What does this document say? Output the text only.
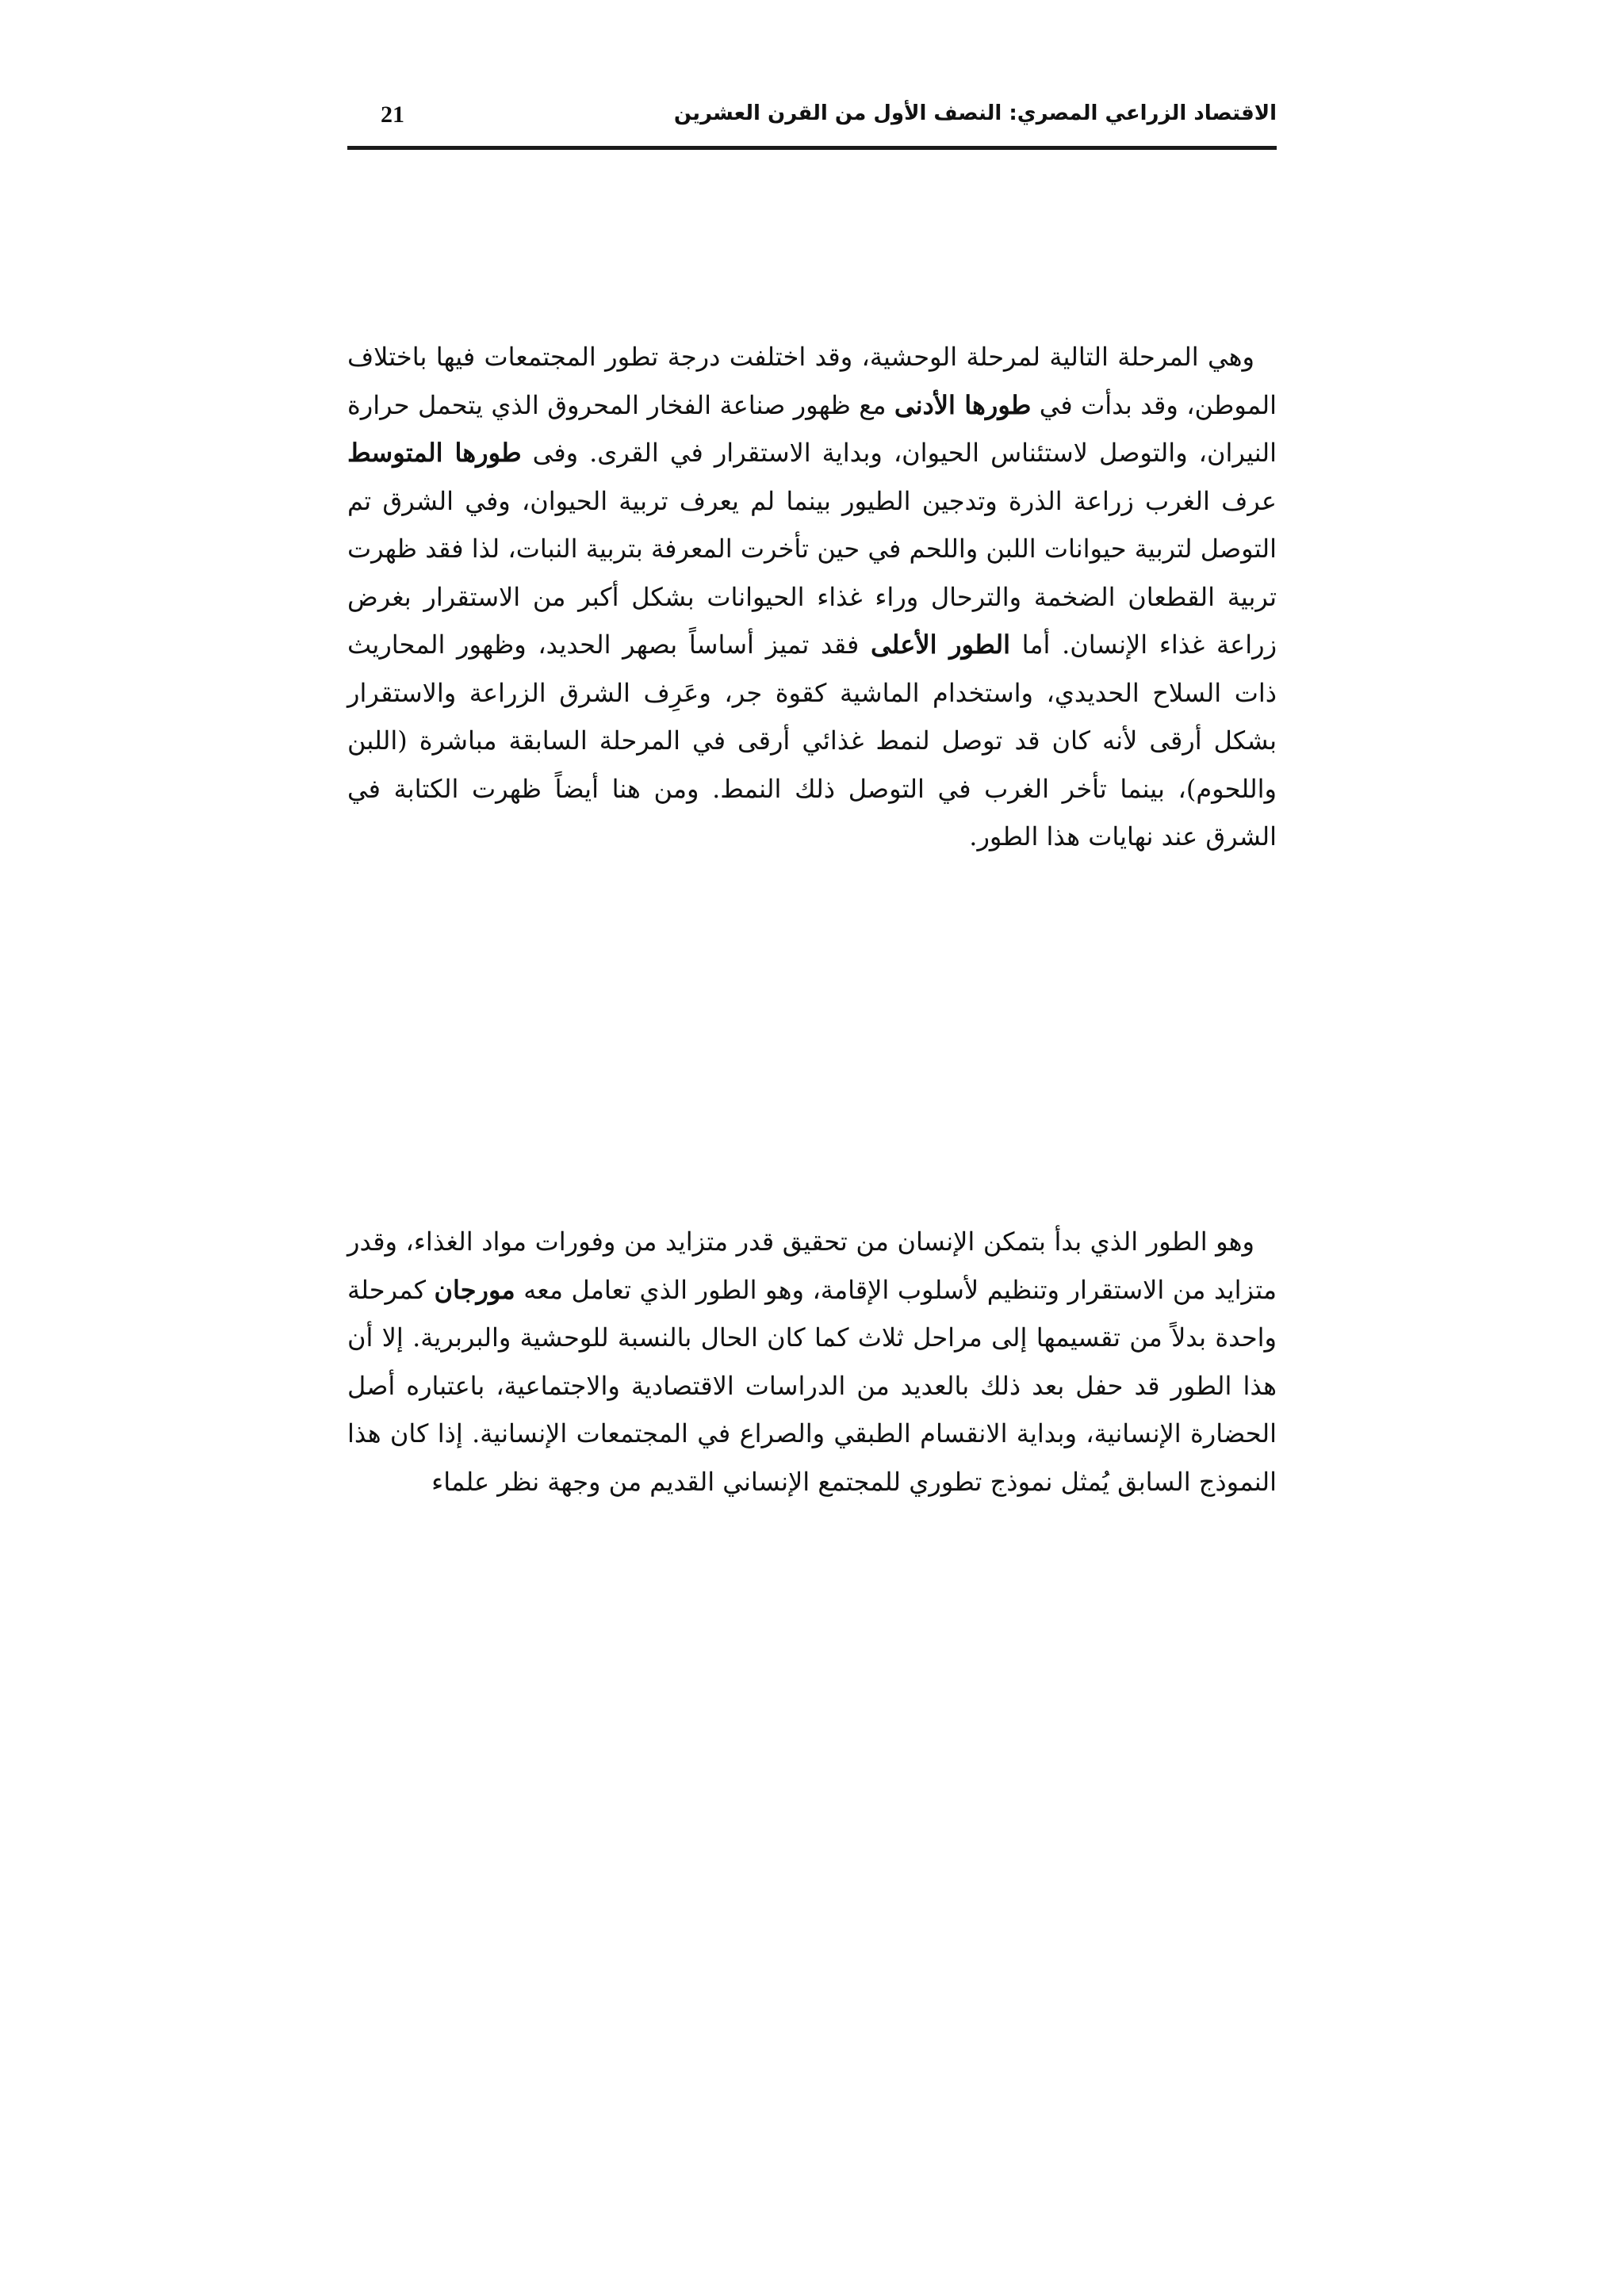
الاقتصاد الزراعي المصري: النصف الأول من القرن العشرين
21

وهي المرحلة التالية لمرحلة الوحشية، وقد اختلفت درجة تطور المجتمعات فيها باختلاف الموطن، وقد بدأت في طورها الأدنى مع ظهور صناعة الفخار المحروق الذي يتحمل حرارة النيران، والتوصل لاستئناس الحيوان، وبداية الاستقرار في القرى. وفى طورها المتوسط عرف الغرب زراعة الذرة وتدجين الطيور بينما لم يعرف تربية الحيوان، وفي الشرق تم التوصل لتربية حيوانات اللبن واللحم في حين تأخرت المعرفة بتربية النبات، لذا فقد ظهرت تربية القطعان الضخمة والترحال وراء غذاء الحيوانات بشكل أكبر من الاستقرار بغرض زراعة غذاء الإنسان. أما الطور الأعلى فقد تميز أساساً بصهر الحديد، وظهور المحاريث ذات السلاح الحديدي، واستخدام الماشية كقوة جر، وعَرِف الشرق الزراعة والاستقرار بشكل أرقى لأنه كان قد توصل لنمط غذائي أرقى في المرحلة السابقة مباشرة (اللبن واللحوم)، بينما تأخر الغرب في التوصل ذلك النمط. ومن هنا أيضاً ظهرت الكتابة في الشرق عند نهايات هذا الطور.

وهو الطور الذي بدأ بتمكن الإنسان من تحقيق قدر متزايد من وفورات مواد الغذاء، وقدر متزايد من الاستقرار وتنظيم لأسلوب الإقامة، وهو الطور الذي تعامل معه مورجان كمرحلة واحدة بدلاً من تقسيمها إلى مراحل ثلاث كما كان الحال بالنسبة للوحشية والبربرية. إلا أن هذا الطور قد حفل بعد ذلك بالعديد من الدراسات الاقتصادية والاجتماعية، باعتباره أصل الحضارة الإنسانية، وبداية الانقسام الطبقي والصراع في المجتمعات الإنسانية. إذا كان هذا النموذج السابق يُمثل نموذج تطوري للمجتمع الإنساني القديم من وجهة نظر علماء
